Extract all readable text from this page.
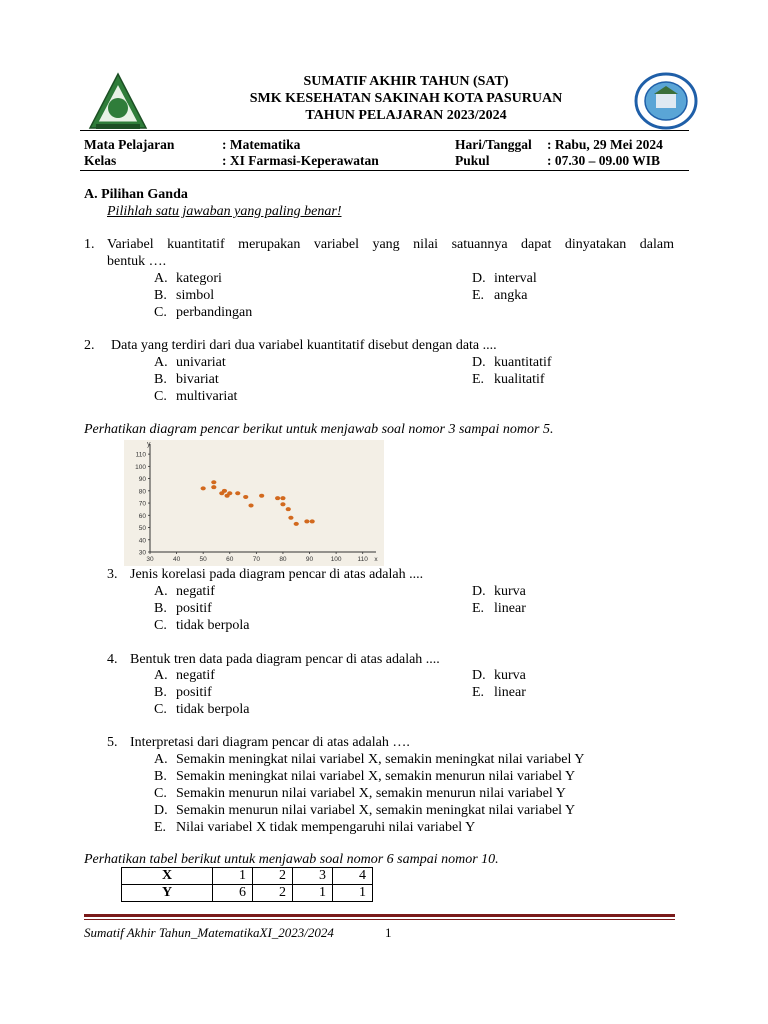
SUMATIF AKHIR TAHUN (SAT)
SMK KESEHATAN SAKINAH KOTA PASURUAN
TAHUN PELAJARAN 2023/2024
Mata Pelajaran	: Matematika	Hari/Tanggal : Rabu, 29 Mei 2024
Kelas	: XI Farmasi-Keperawatan	Pukul	: 07.30 – 09.00 WIB
A. Pilihan Ganda
Pilihlah satu jawaban yang paling benar!
1. Variabel kuantitatif merupakan variabel yang nilai satuannya dapat dinyatakan dalam
bentuk ….
A. kategori
B. simbol
C. perbandingan
D. interval
E. angka
2. Data yang terdiri dari dua variabel kuantitatif disebut dengan data ....
A. univariat
B. bivariat
C. multivariat
D. kuantitatif
E. kualitatif
Perhatikan diagram pencar berikut untuk menjawab soal nomor 3 sampai nomor 5.
y
110
100
90
80
70
60
50
40
30
30	40	50	60	70	80	90	100 110 x
3. Jenis korelasi pada diagram pencar di atas adalah ....
A. negatif
B. positif
C. tidak berpola
D. kurva
E. linear
4. Bentuk tren data pada diagram pencar di atas adalah ....
A. negatif
B. positif
C. tidak berpola
D. kurva
E. linear
5. Interpretasi dari diagram pencar di atas adalah ….
A. Semakin meningkat nilai variabel X, semakin meningkat nilai variabel Y
B. Semakin meningkat nilai variabel X, semakin menurun nilai variabel Y
C. Semakin menurun nilai variabel X, semakin menurun nilai variabel Y
D. Semakin menurun nilai variabel X, semakin meningkat nilai variabel Y
E. Nilai variabel X tidak mempengaruhi nilai variabel Y
Perhatikan tabel berikut untuk menjawab soal nomor 6 sampai nomor 10.
X	1	2	3	4
Y	6	2	1	1
Sumatif Akhir Tahun_MatematikaXI_2023/2024	1
